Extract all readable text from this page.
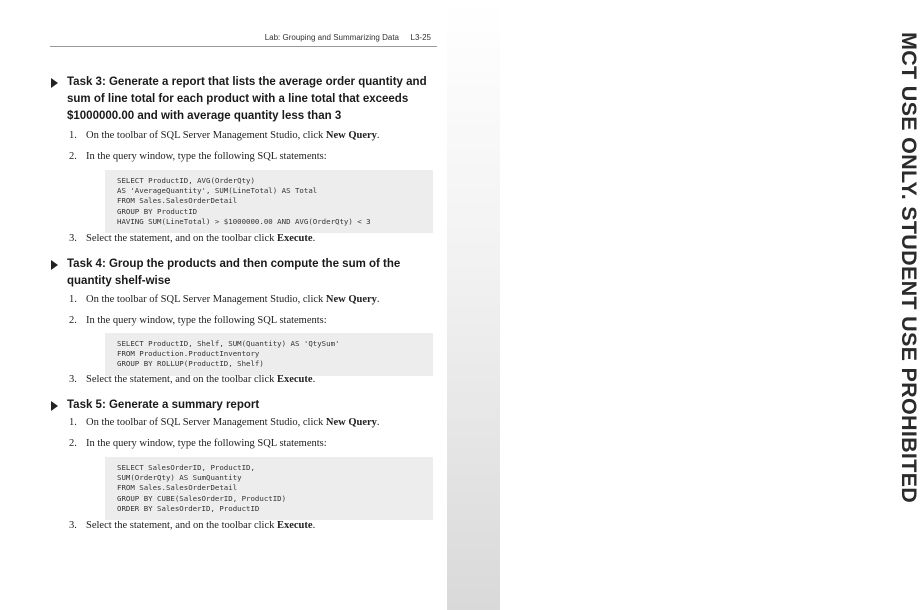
Lab: Grouping and Summarizing Data L3-25	MCT USE ONLY. STUDENT USE PROHIBITED
Task 3: Generate a report that lists the average order quantity and sum of line total for each product with a line total that exceeds $1000000.00 and with average quantity less than 3
1. On the toolbar of SQL Server Management Studio, click New Query.
2. In the query window, type the following SQL statements:
SELECT ProductID, AVG(OrderQty)
AS 'AverageQuantity', SUM(LineTotal) AS Total
FROM Sales.SalesOrderDetail
GROUP BY ProductID
HAVING SUM(LineTotal) > $1000000.00 AND AVG(OrderQty) < 3
3. Select the statement, and on the toolbar click Execute.
Task 4: Group the products and then compute the sum of the quantity shelf-wise
1. On the toolbar of SQL Server Management Studio, click New Query.
2. In the query window, type the following SQL statements:
SELECT ProductID, Shelf, SUM(Quantity) AS 'QtySum'
FROM Production.ProductInventory
GROUP BY ROLLUP(ProductID, Shelf)
3. Select the statement, and on the toolbar click Execute.
Task 5: Generate a summary report
1. On the toolbar of SQL Server Management Studio, click New Query.
2. In the query window, type the following SQL statements:
SELECT SalesOrderID, ProductID,
SUM(OrderQty) AS SumQuantity
FROM Sales.SalesOrderDetail
GROUP BY CUBE(SalesOrderID, ProductID)
ORDER BY SalesOrderID, ProductID
3. Select the statement, and on the toolbar click Execute.
